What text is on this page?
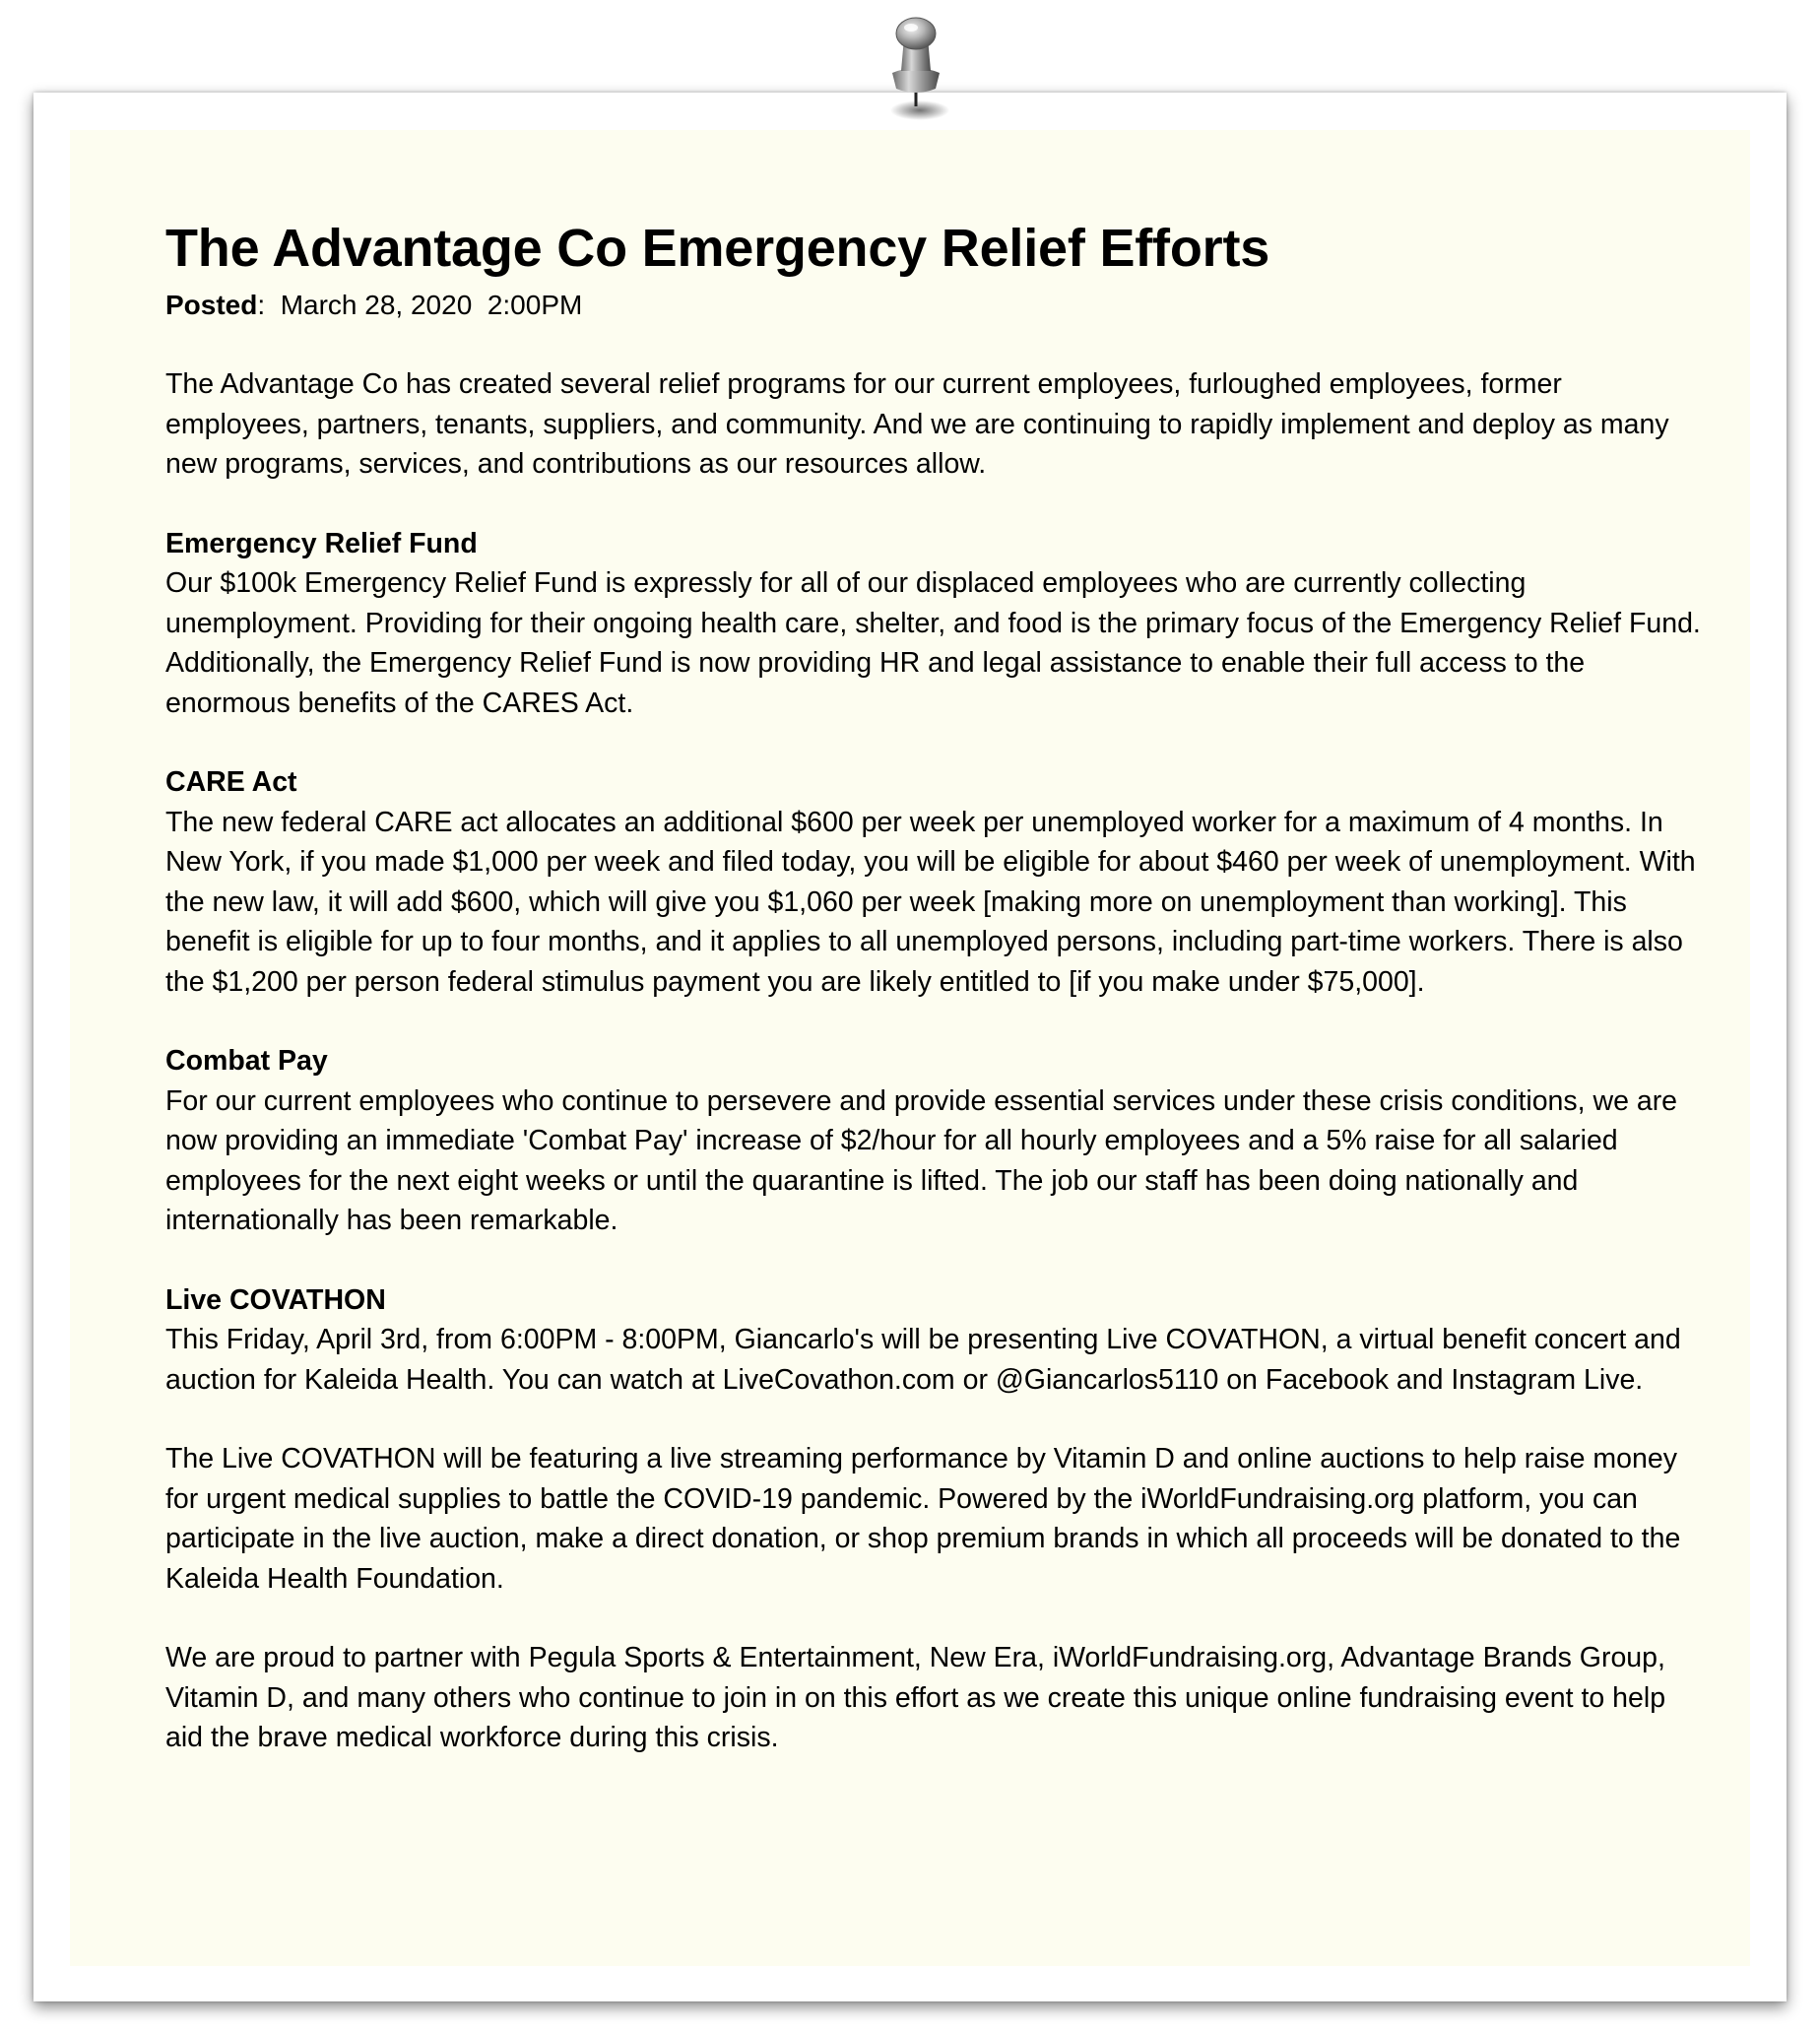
The Advantage Co Emergency Relief Efforts
Posted:  March 28, 2020  2:00PM

The Advantage Co has created several relief programs for our current employees, furloughed employees, former employees, partners, tenants, suppliers, and community. And we are continuing to rapidly implement and deploy as many new programs, services, and contributions as our resources allow.

Emergency Relief Fund

Our $100k Emergency Relief Fund is expressly for all of our displaced employees who are currently collecting unemployment. Providing for their ongoing health care, shelter, and food is the primary focus of the Emergency Relief Fund. Additionally, the Emergency Relief Fund is now providing HR and legal assistance to enable their full access to the enormous benefits of the CARES Act.

CARE Act

The new federal CARE act allocates an additional $600 per week per unemployed worker for a maximum of 4 months. In New York, if you made $1,000 per week and filed today, you will be eligible for about $460 per week of unemployment. With the new law, it will add $600, which will give you $1,060 per week [making more on unemployment than working]. This benefit is eligible for up to four months, and it applies to all unemployed persons, including part-time workers. There is also the $1,200 per person federal stimulus payment you are likely entitled to [if you make under $75,000].

Combat Pay

For our current employees who continue to persevere and provide essential services under these crisis conditions, we are now providing an immediate 'Combat Pay' increase of $2/hour for all hourly employees and a 5% raise for all salaried employees for the next eight weeks or until the quarantine is lifted. The job our staff has been doing nationally and internationally has been remarkable.

Live COVATHON

This Friday, April 3rd, from 6:00PM - 8:00PM, Giancarlo's will be presenting Live COVATHON, a virtual benefit concert and auction for Kaleida Health. You can watch at LiveCovathon.com or @Giancarlos5110 on Facebook and Instagram Live.

The Live COVATHON will be featuring a live streaming performance by Vitamin D and online auctions to help raise money for urgent medical supplies to battle the COVID-19 pandemic. Powered by the iWorldFundraising.org platform, you can participate in the live auction, make a direct donation, or shop premium brands in which all proceeds will be donated to the Kaleida Health Foundation.

We are proud to partner with Pegula Sports & Entertainment, New Era, iWorldFundraising.org, Advantage Brands Group, Vitamin D, and many others who continue to join in on this effort as we create this unique online fundraising event to help aid the brave medical workforce during this crisis.
